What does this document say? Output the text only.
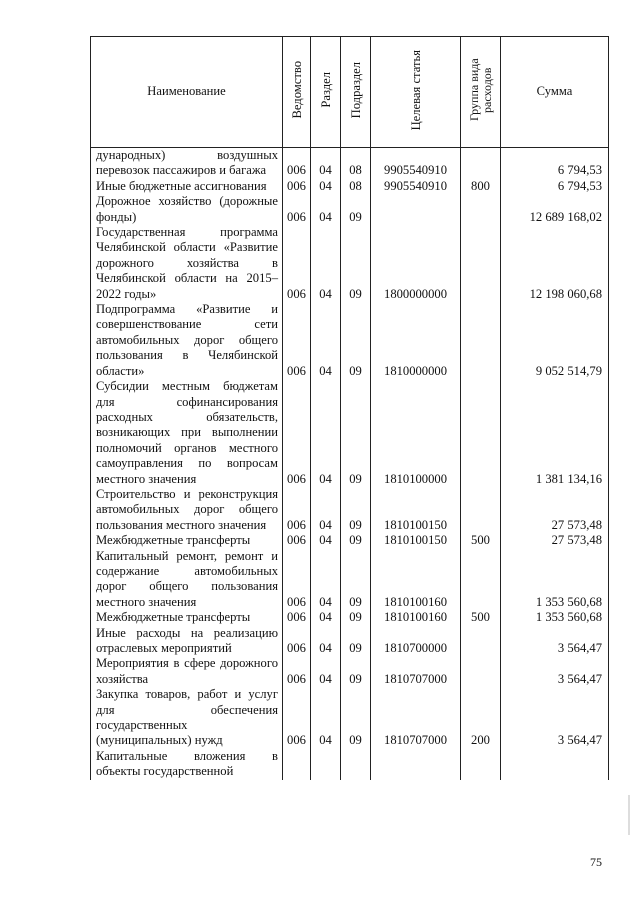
Наименование	Ведомство	Раздел	Подраздел	Целевая статья	Группа вида расходов	Сумма
дународных) воздушных перевозок пассажиров и багажа	006	04	08	9905540910		6 794,53
Иные бюджетные ассигнования	006	04	08	9905540910	800	6 794,53
Дорожное хозяйство (дорожные фонды)	006	04	09			12 689 168,02
Государственная программа Челябинской области «Развитие дорожного хозяйства в Челябинской области на 2015–2022 годы»	006	04	09	1800000000		12 198 060,68
Подпрограмма «Развитие и совершенствование сети автомобильных дорог общего пользования в Челябинской области»	006	04	09	1810000000		9 052 514,79
Субсидии местным бюджетам для софинансирования расходных обязательств, возникающих при выполнении полномочий органов местного самоуправления по вопросам местного значения	006	04	09	1810100000		1 381 134,16
Строительство и реконструкция автомобильных дорог общего пользования местного значения	006	04	09	1810100150		27 573,48
Межбюджетные трансферты	006	04	09	1810100150	500	27 573,48
Капитальный ремонт, ремонт и содержание автомобильных дорог общего пользования местного значения	006	04	09	1810100160		1 353 560,68
Межбюджетные трансферты	006	04	09	1810100160	500	1 353 560,68
Иные расходы на реализацию отраслевых мероприятий	006	04	09	1810700000		3 564,47
Мероприятия в сфере дорожного хозяйства	006	04	09	1810707000		3 564,47
Закупка товаров, работ и услуг для обеспечения государственных (муниципальных) нужд	006	04	09	1810707000	200	3 564,47
Капитальные вложения в объекты государственной						
75
